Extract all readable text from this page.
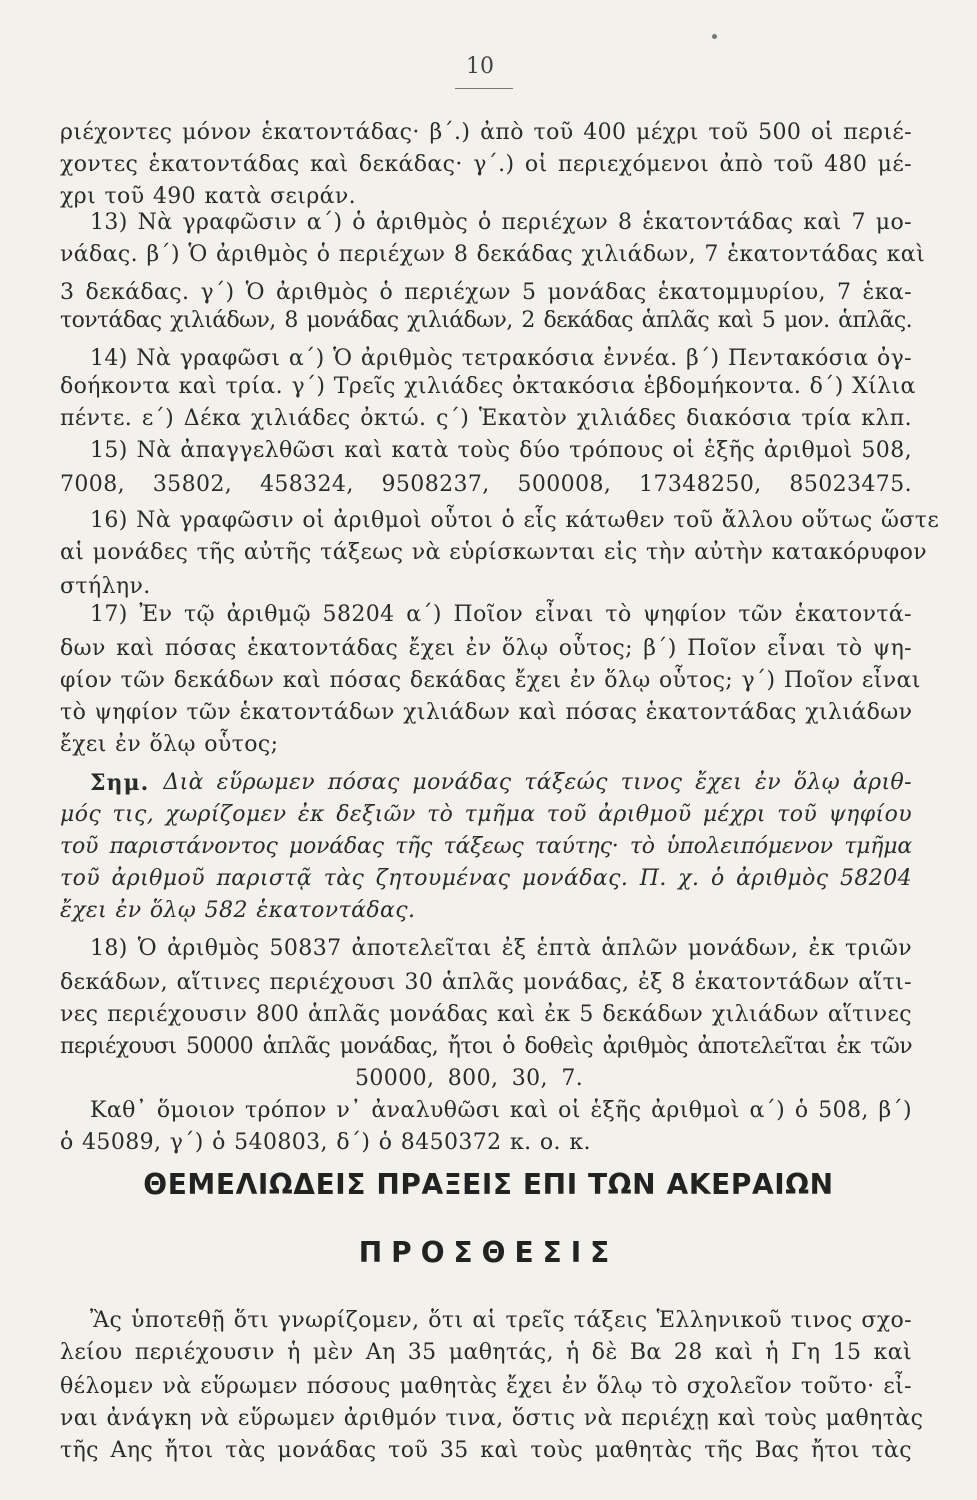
10
ριέχοντες μόνον ἑκατοντάδας· β΄.) ἀπὸ τοῦ 400 μέχρι τοῦ 500 οἱ περιέ-
χοντες ἑκατοντάδας καὶ δεκάδας· γ΄.) οἱ περιεχόμενοι ἀπὸ τοῦ 480 μέ-
χρι τοῦ 490 κατὰ σειράν.
13) Νὰ γραφῶσιν α΄) ὁ ἀριθμὸς ὁ περιέχων 8 ἑκατοντάδας καὶ 7 μο-
νάδας. β΄) Ὁ ἀριθμὸς ὁ περιέχων 8 δεκάδας χιλιάδων, 7 ἑκατοντάδας καὶ
3 δεκάδας. γ΄) Ὁ ἀριθμὸς ὁ περιέχων 5 μονάδας ἑκατομμυρίου, 7 ἑκα-
τοντάδας χιλιάδων, 8 μονάδας χιλιάδων, 2 δεκάδας ἁπλᾶς καὶ 5 μον. ἁπλᾶς.
14) Νὰ γραφῶσι α΄) Ὁ ἀριθμὸς τετρακόσια ἐννέα. β΄) Πεντακόσια ὀγ-
δοήκοντα καὶ τρία. γ΄) Τρεῖς χιλιάδες ὀκτακόσια ἑβδομήκοντα. δ΄) Χίλια
πέντε. ε΄) Δέκα χιλιάδες ὀκτώ. ς΄) Ἑκατὸν χιλιάδες διακόσια τρία κλπ.
15) Νὰ ἀπαγγελθῶσι καὶ κατὰ τοὺς δύο τρόπους οἱ ἑξῆς ἀριθμοὶ 508,
7008, 35802, 458324, 9508237, 500008, 17348250, 85023475.
16) Νὰ γραφῶσιν οἱ ἀριθμοὶ οὗτοι ὁ εἷς κάτωθεν τοῦ ἄλλου οὕτως ὥστε
αἱ μονάδες τῆς αὐτῆς τάξεως νὰ εὑρίσκωνται εἰς τὴν αὐτὴν κατακόρυφον
στήλην.
17) Ἐν τῷ ἀριθμῷ 58204 α΄) Ποῖον εἶναι τὸ ψηφίον τῶν ἑκατοντά-
δων καὶ πόσας ἑκατοντάδας ἔχει ἐν ὅλῳ οὗτος; β΄) Ποῖον εἶναι τὸ ψη-
φίον τῶν δεκάδων καὶ πόσας δεκάδας ἔχει ἐν ὅλῳ οὗτος; γ΄) Ποῖον εἶναι
τὸ ψηφίον τῶν ἑκατοντάδων χιλιάδων καὶ πόσας ἑκατοντάδας χιλιάδων
ἔχει ἐν ὅλῳ οὗτος;
Σημ. Διὰ εὕρωμεν πόσας μονάδας τάξεώς τινος ἔχει ἐν ὅλῳ ἀριθ-
μός τις, χωρίζομεν ἐκ δεξιῶν τὸ τμῆμα τοῦ ἀριθμοῦ μέχρι τοῦ ψηφίου
τοῦ παριστάνοντος μονάδας τῆς τάξεως ταύτης· τὸ ὑπολειπόμενον τμῆμα
τοῦ ἀριθμοῦ παριστᾷ τὰς ζητουμένας μονάδας. Π. χ. ὁ ἀριθμὸς 58204
ἔχει ἐν ὅλῳ 582 ἑκατοντάδας.
18) Ὁ ἀριθμὸς 50837 ἀποτελεῖται ἐξ ἑπτὰ ἁπλῶν μονάδων, ἐκ τριῶν
δεκάδων, αἵτινες περιέχουσι 30 ἁπλᾶς μονάδας, ἐξ 8 ἑκατοντάδων αἵτι-
νες περιέχουσιν 800 ἁπλᾶς μονάδας καὶ ἐκ 5 δεκάδων χιλιάδων αἵτινες
περιέχουσι 50000 ἁπλᾶς μονάδας, ἤτοι ὁ δοθεὶς ἀριθμὸς ἀποτελεῖται ἐκ τῶν
50000, 800, 30, 7.
Καθ᾿ ὅμοιον τρόπον ν᾿ ἀναλυθῶσι καὶ οἱ ἑξῆς ἀριθμοὶ α΄) ὁ 508, β΄)
ὁ 45089, γ΄) ὁ 540803, δ΄) ὁ 8450372 κ. ο. κ.
ΘΕΜΕΛΙΩΔΕΙΣ ΠΡΑΞΕΙΣ ΕΠΙ ΤΩΝ ΑΚΕΡΑΙΩΝ
ΠΡΟΣΘΕΣΙΣ
Ἂς ὑποτεθῇ ὅτι γνωρίζομεν, ὅτι αἱ τρεῖς τάξεις Ἑλληνικοῦ τινος σχο-
λείου περιέχουσιν ἡ μὲν Αη 35 μαθητάς, ἡ δὲ Βα 28 καὶ ἡ Γη 15 καὶ
θέλομεν νὰ εὕρωμεν πόσους μαθητὰς ἔχει ἐν ὅλῳ τὸ σχολεῖον τοῦτο· εἶ-
ναι ἀνάγκη νὰ εὕρωμεν ἀριθμόν τινα, ὅστις νὰ περιέχῃ καὶ τοὺς μαθητὰς
τῆς Αης ἤτοι τὰς μονάδας τοῦ 35 καὶ τοὺς μαθητὰς τῆς Βας ἤτοι τὰς
